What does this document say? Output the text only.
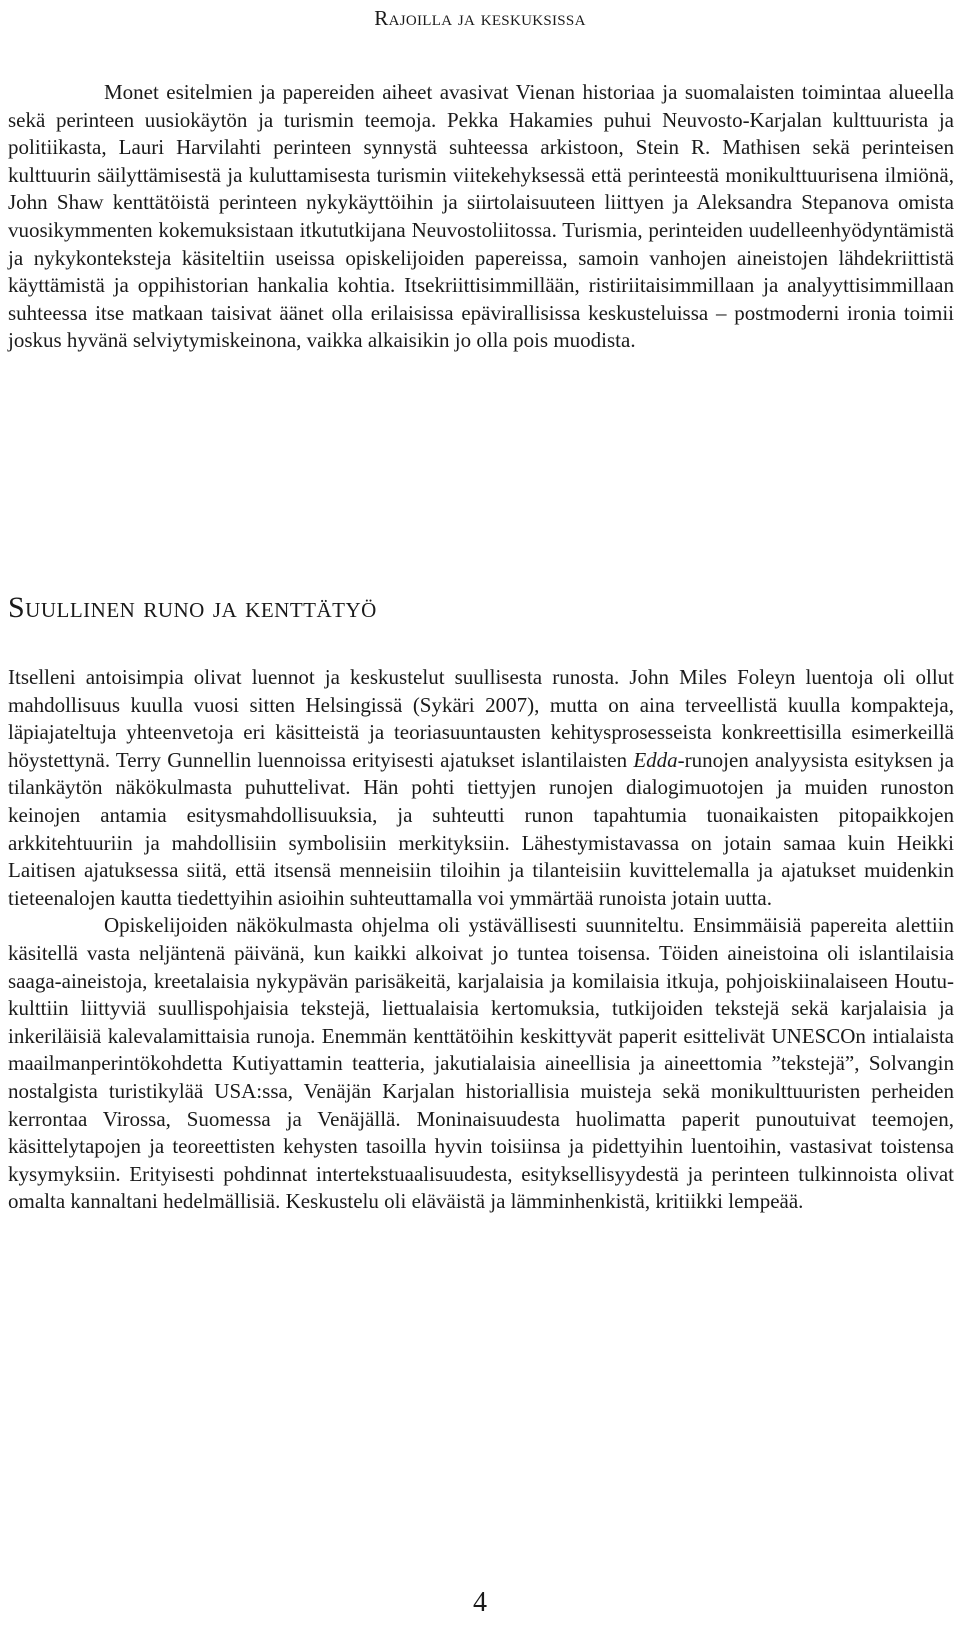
Rajoilla ja keskuksissa

Monet esitelmien ja papereiden aiheet avasivat Vienan historiaa ja suomalaisten toimintaa alueella sekä perinteen uusiokäytön ja turismin teemoja. Pekka Hakamies puhui Neuvosto-Karjalan kulttuurista ja politiikasta, Lauri Harvilahti perinteen synnystä suhteessa arkistoon, Stein R. Mathisen sekä perinteisen kulttuurin säilyttämisestä ja kuluttamisesta turismin viitekehyksessä että perinteestä monikulttuurisena ilmiönä, John Shaw kenttätöistä perinteen nykykäyttöihin ja siirtolaisuuteen liittyen ja Aleksandra Stepanova omista vuosikymmenten kokemuksistaan itkututkijana Neuvostoliitossa. Turismia, perinteiden uudelleenhyödyntämistä ja nykykonteksteja käsiteltiin useissa opiskelijoiden papereissa, samoin vanhojen aineistojen lähdekriittistä käyttämistä ja oppihistorian hankalia kohtia. Itsekriittisimmillään, ristiriitaisimmillaan ja analyyttisimmillaan suhteessa itse matkaan taisivat äänet olla erilaisissa epävirallisissa keskusteluissa – postmoderni ironia toimii joskus hyvänä selviytymiskeinona, vaikka alkaisikin jo olla pois muodista.

Suullinen runo ja kenttätyö

Itselleni antoisimpia olivat luennot ja keskustelut suullisesta runosta. John Miles Foleyn luentoja oli ollut mahdollisuus kuulla vuosi sitten Helsingissä (Sykäri 2007), mutta on aina terveellistä kuulla kompakteja, läpiajateltuja yhteenvetoja eri käsitteistä ja teoriasuuntausten kehitysprosesseista konkreettisilla esimerkeillä höystettynä. Terry Gunnellin luennoissa erityisesti ajatukset islantilaisten Edda-runojen analyysista esityksen ja tilankäytön näkökulmasta puhuttelivat. Hän pohti tiettyjen runojen dialogimuotojen ja muiden runoston keinojen antamia esitysmahdollisuuksia, ja suhteutti runon tapahtumia tuonaikaisten pitopaikkojen arkkitehtuuriin ja mahdollisiin symbolisiin merkityksiin. Lähestymistavassa on jotain samaa kuin Heikki Laitisen ajatuksessa siitä, että itsensä menneisiin tiloihin ja tilanteisiin kuvittelemalla ja ajatukset muidenkin tieteenalojen kautta tiedettyihin asioihin suhteuttamalla voi ymmärtää runoista jotain uutta.

Opiskelijoiden näkökulmasta ohjelma oli ystävällisesti suunniteltu. Ensimmäisiä papereita alettiin käsitellä vasta neljäntenä päivänä, kun kaikki alkoivat jo tuntea toisensa. Töiden aineistoina oli islantilaisia saaga-aineistoja, kreetalaisia nykypävän parisäkeitä, karjalaisia ja komilaisia itkuja, pohjoiskiinalaiseen Houtu-kulttiin liittyviä suullispohjaisia tekstejä, liettualaisia kertomuksia, tutkijoiden tekstejä sekä karjalaisia ja inkeriläisiä kalevalamittaisia runoja. Enemmän kenttätöihin keskittyvät paperit esittelivät UNESCOn intialaista maailmanperintökohdetta Kutiyattamin teatteria, jakutialaisia aineellisia ja aineettomia ”tekstejä”, Solvangin nostalgista turistikylää USA:ssa, Venäjän Karjalan historiallisia muisteja sekä monikulttuuristen perheiden kerrontaa Virossa, Suomessa ja Venäjällä. Moninaisuudesta huolimatta paperit punoutuivat teemojen, käsittelytapojen ja teoreettisten kehysten tasoilla hyvin toisiinsa ja pidettyihin luentoihin, vastasivat toistensa kysymyksiin. Erityisesti pohdinnat intertekstuaalisuudesta, esityksellisyydestä ja perinteen tulkinnoista olivat omalta kannaltani hedelmällisiä. Keskustelu oli eläväistä ja lämminhenkistä, kritiikki lempeää.

4
